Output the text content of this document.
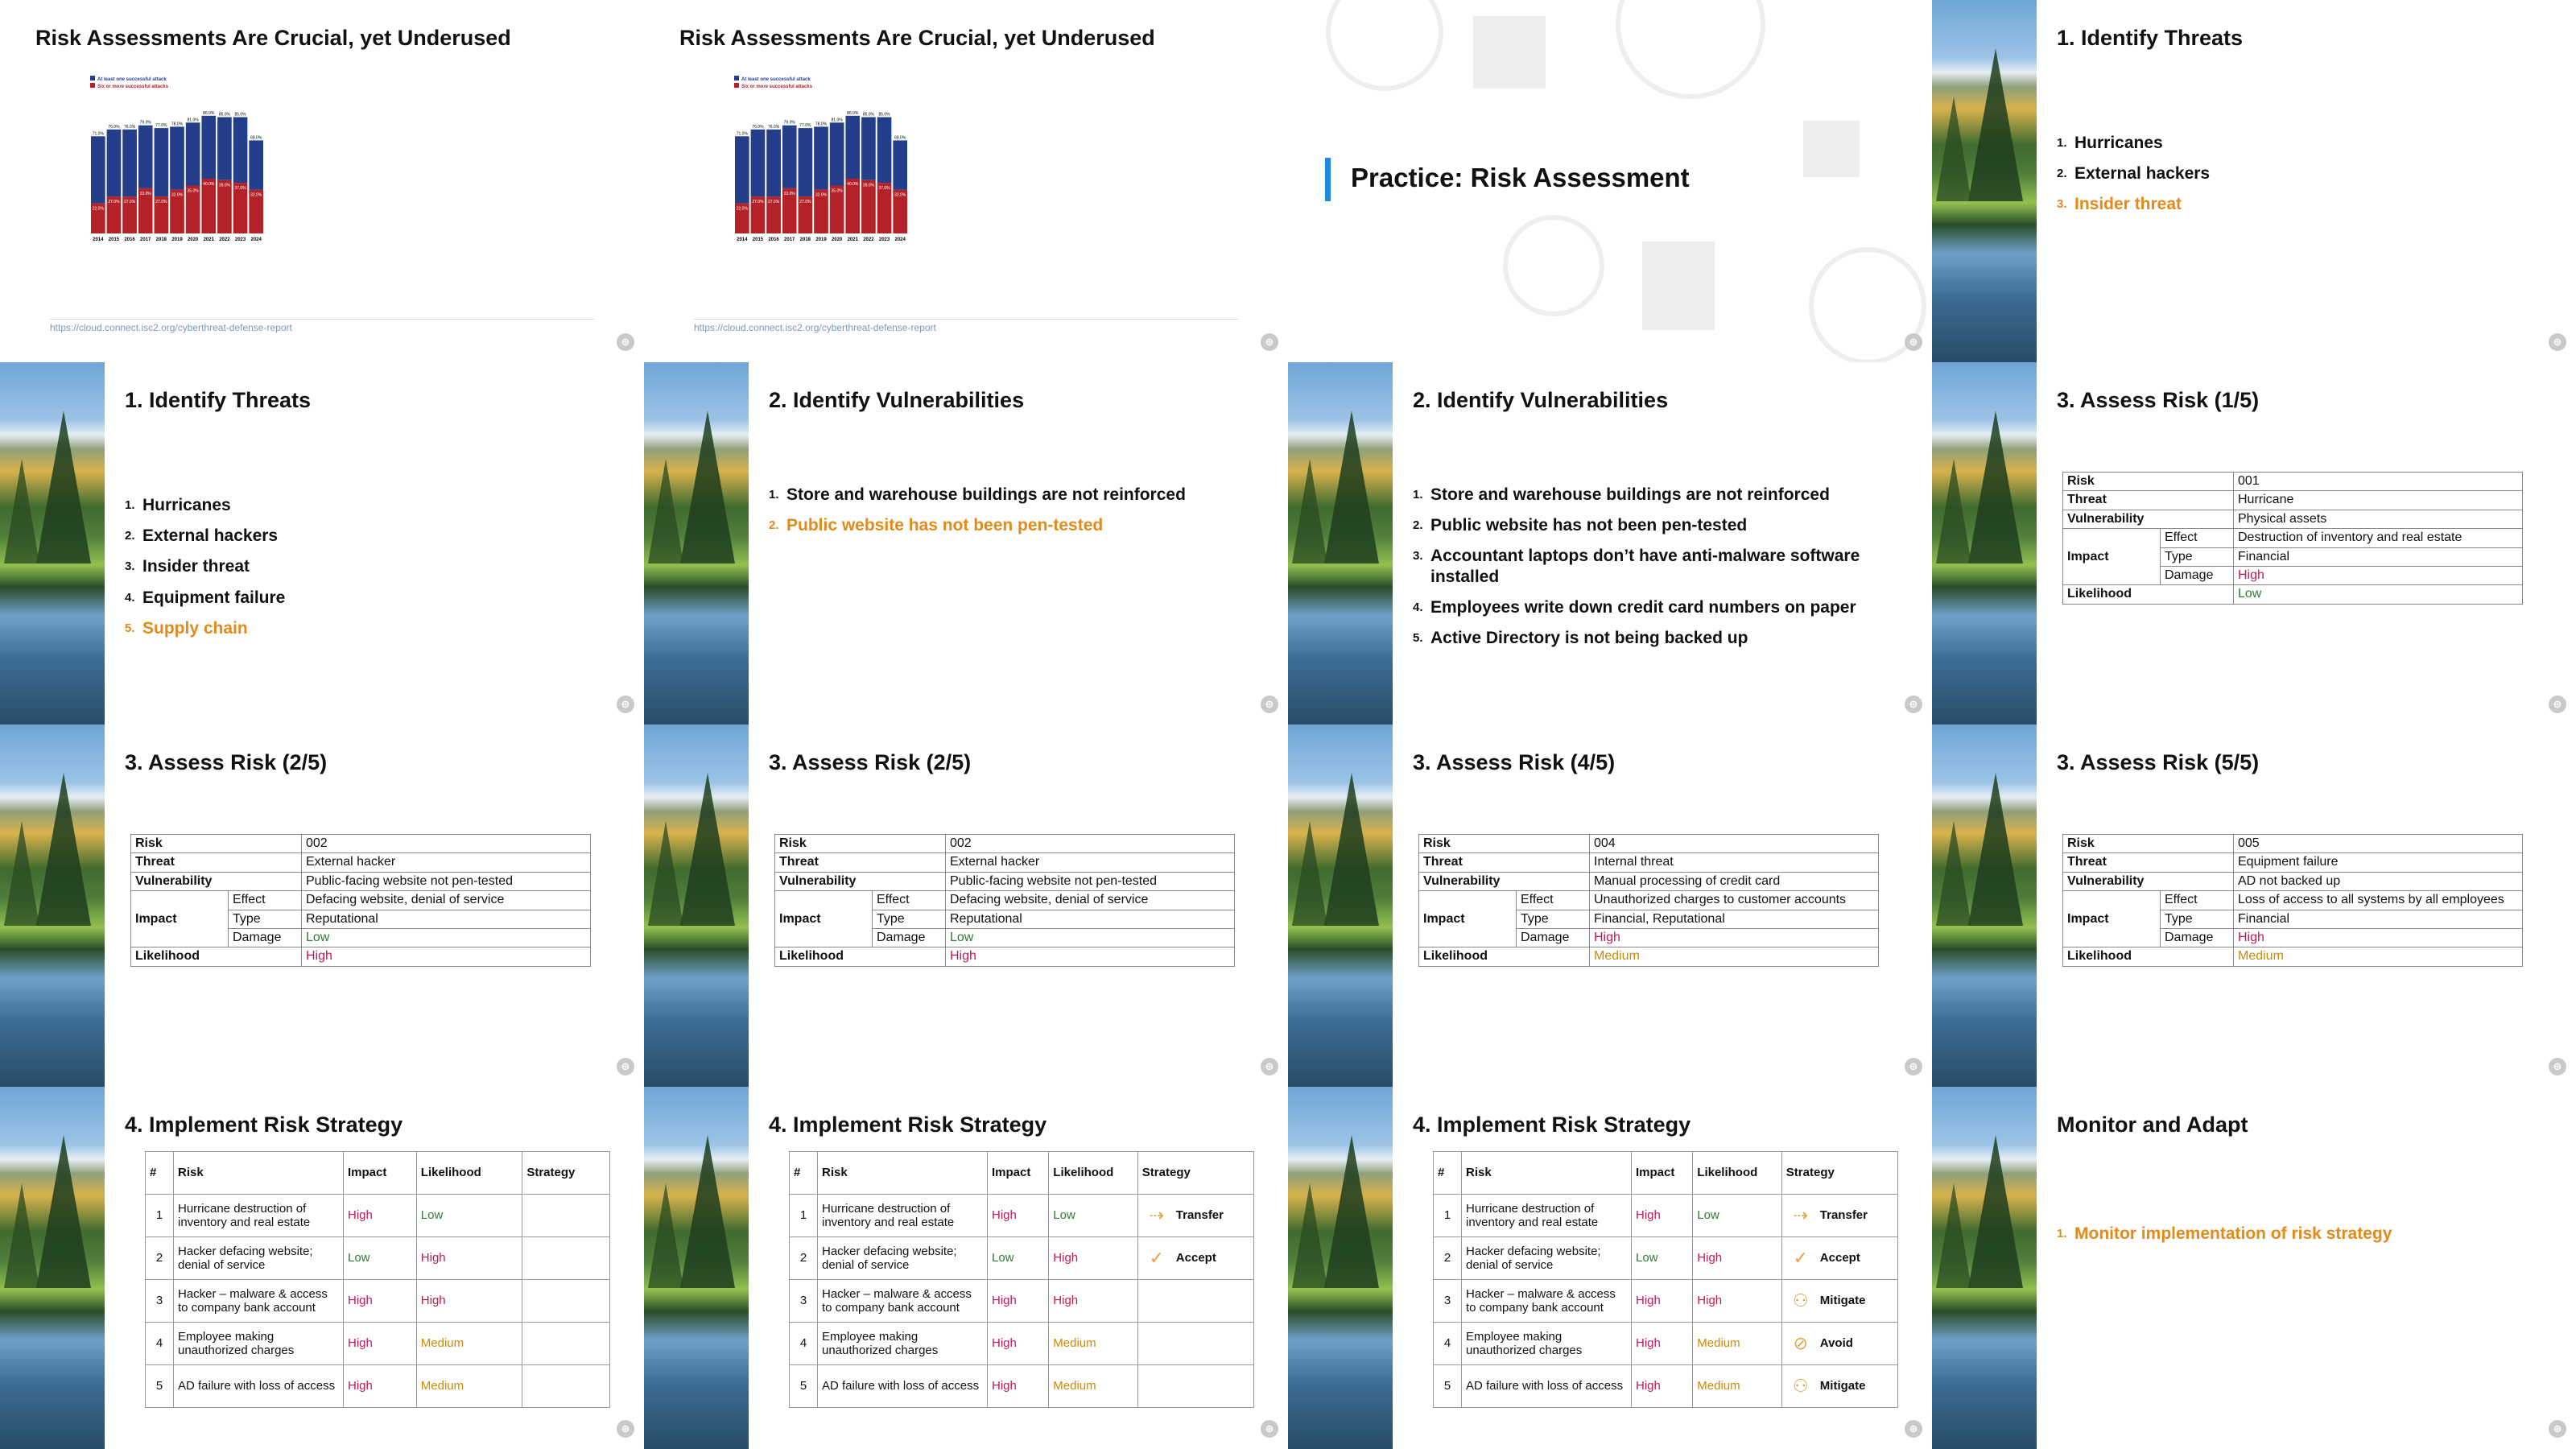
Risk Assessments Are Crucial, yet Underused
At least one successful attack
Six or more successful attacks
71.0%
22.0%
2014
76.0%
27.0%
2015
76.0%
27.0%
2016
79.0%
33.0%
2017
77.0%
27.0%
2018
78.0%
32.0%
2019
81.0%
35.0%
2020
86.0%
40.0%
2021
85.0%
39.0%
2022
85.0%
37.0%
2023
68.0%
32.0%
2024
https://cloud.connect.isc2.org/cyberthreat-defense-report
⊕
Risk Assessments Are Crucial, yet Underused
At least one successful attack
Six or more successful attacks
71.0%
22.0%
2014
76.0%
27.0%
2015
76.0%
27.0%
2016
79.0%
33.0%
2017
77.0%
27.0%
2018
78.0%
32.0%
2019
81.0%
35.0%
2020
86.0%
40.0%
2021
85.0%
39.0%
2022
85.0%
37.0%
2023
68.0%
32.0%
2024
https://cloud.connect.isc2.org/cyberthreat-defense-report
⊕
Practice: Risk Assessment
⊕
1. Identify Threats
1. Hurricanes
2. External hackers
3. Insider threat
⊕
1. Identify Threats
1. Hurricanes
2. External hackers
3. Insider threat
4. Equipment failure
5. Supply chain
⊕
2. Identify Vulnerabilities
1. Store and warehouse buildings are not reinforced
2. Public website has not been pen-tested
⊕
2. Identify Vulnerabilities
1. Store and warehouse buildings are not reinforced
2. Public website has not been pen-tested
3. Accountant laptops don’t have anti-malware software installed
4. Employees write down credit card numbers on paper
5. Active Directory is not being backed up
⊕
3. Assess Risk (1/5)
Risk		001
Threat		Hurricane
Vulnerability		Physical assets
Impact	Effect	Destruction of inventory and real estate
	Type	Financial
	Damage	High
Likelihood		Low
⊕
3. Assess Risk (2/5)
Risk		002
Threat		External hacker
Vulnerability		Public-facing website not pen-tested
Impact	Effect	Defacing website, denial of service
	Type	Reputational
	Damage	Low
Likelihood		High
⊕
3. Assess Risk (2/5)
Risk		002
Threat		External hacker
Vulnerability		Public-facing website not pen-tested
Impact	Effect	Defacing website, denial of service
	Type	Reputational
	Damage	Low
Likelihood		High
⊕
3. Assess Risk (4/5)
Risk		004
Threat		Internal threat
Vulnerability		Manual processing of credit card
Impact	Effect	Unauthorized charges to customer accounts
	Type	Financial, Reputational
	Damage	High
Likelihood		Medium
⊕
3. Assess Risk (5/5)
Risk		005
Threat		Equipment failure
Vulnerability		AD not backed up
Impact	Effect	Loss of access to all systems by all employees
	Type	Financial
	Damage	High
Likelihood		Medium
⊕
4. Implement Risk Strategy
#	Risk	Impact	Likelihood	Strategy
1	Hurricane destruction of inventory and real estate	High	Low	
2	Hacker defacing website; denial of service	Low	High	
3	Hacker – malware & access to company bank account	High	High	
4	Employee making unauthorized charges	High	Medium	
5	AD failure with loss of access	High	Medium	
⊕
4. Implement Risk Strategy
#	Risk	Impact	Likelihood	Strategy
1	Hurricane destruction of inventory and real estate	High	Low	⇢ Transfer
2	Hacker defacing website; denial of service	Low	High	✓ Accept
3	Hacker – malware & access to company bank account	High	High	
4	Employee making unauthorized charges	High	Medium	
5	AD failure with loss of access	High	Medium	
⊕
4. Implement Risk Strategy
#	Risk	Impact	Likelihood	Strategy
1	Hurricane destruction of inventory and real estate	High	Low	⇢ Transfer
2	Hacker defacing website; denial of service	Low	High	✓ Accept
3	Hacker – malware & access to company bank account	High	High	⚇ Mitigate
4	Employee making unauthorized charges	High	Medium	⊘ Avoid
5	AD failure with loss of access	High	Medium	⚇ Mitigate
⊕
Monitor and Adapt
1. Monitor implementation of risk strategy
⊕
